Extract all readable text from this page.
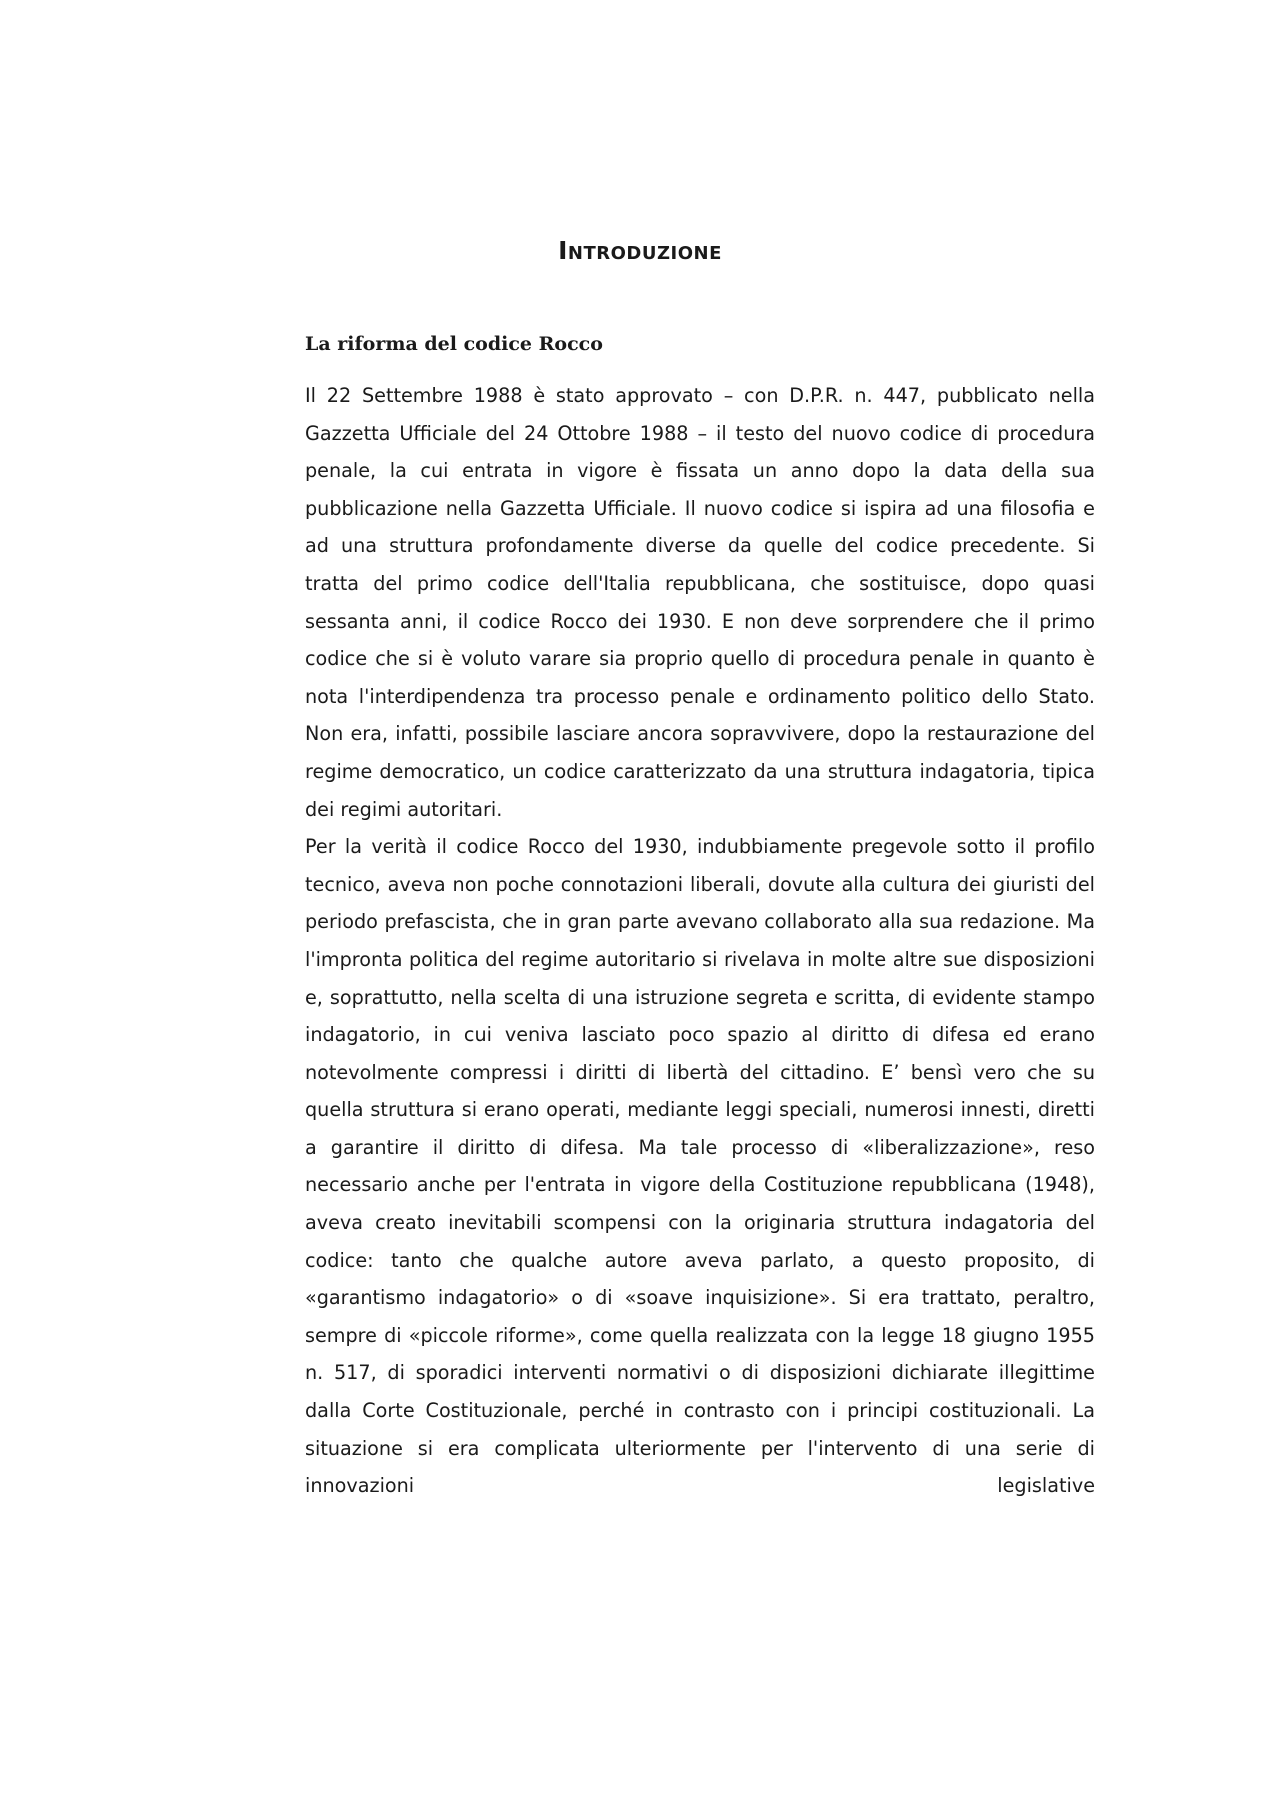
Introduzione
La riforma del codice Rocco

Il 22 Settembre 1988 è stato approvato – con D.P.R. n. 447, pubblicato nella Gazzetta Ufficiale del 24 Ottobre 1988 – il testo del nuovo codice di procedura penale, la cui entrata in vigore è fissata un anno dopo la data della sua pubblicazione nella Gazzetta Ufficiale. Il nuovo codice si ispira ad una filosofia e ad una struttura profondamente diverse da quelle del codice precedente. Si tratta del primo codice dell'Italia repubblicana, che sostituisce, dopo quasi sessanta anni, il codice Rocco dei 1930. E non deve sorprendere che il primo codice che si è voluto varare sia proprio quello di procedura penale in quanto è nota l'interdipendenza tra processo penale e ordinamento politico dello Stato. Non era, infatti, possibile lasciare ancora sopravvivere, dopo la restaurazione del regime democratico, un codice caratterizzato da una struttura indagatoria, tipica dei regimi autoritari.

Per la verità il codice Rocco del 1930, indubbiamente pregevole sotto il profilo tecnico, aveva non poche connotazioni liberali, dovute alla cultura dei giuristi del periodo prefascista, che in gran parte avevano collaborato alla sua redazione. Ma l'impronta politica del regime autoritario si rivelava in molte altre sue disposizioni e, soprattutto, nella scelta di una istruzione segreta e scritta, di evidente stampo indagatorio, in cui veniva lasciato poco spazio al diritto di difesa ed erano notevolmente compressi i diritti di libertà del cittadino. E’ bensì vero che su quella struttura si erano operati, mediante leggi speciali, numerosi innesti, diretti a garantire il diritto di difesa. Ma tale processo di «liberalizzazione», reso necessario anche per l'entrata in vigore della Costituzione repubblicana (1948), aveva creato inevitabili scompensi con la originaria struttura indagatoria del codice: tanto che qualche autore aveva parlato, a questo proposito, di «garantismo indagatorio» o di «soave inquisizione». Si era trattato, peraltro, sempre di «piccole riforme», come quella realizzata con la legge 18 giugno 1955 n. 517, di sporadici interventi normativi o di disposizioni dichiarate illegittime dalla Corte Costituzionale, perché in contrasto con i principi costituzionali. La situazione si era complicata ulteriormente per l'intervento di una serie di innovazioni legislative
